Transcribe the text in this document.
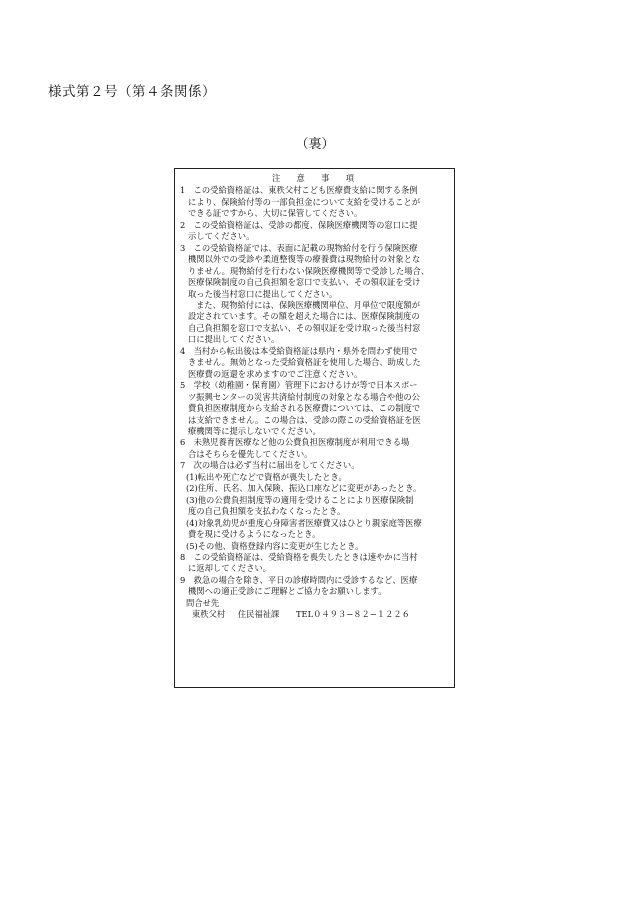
様式第２号（第４条関係）
（裏）
注　意　事　項
1　この受給資格証は、東秩父村こども医療費支給に関する条例
により、保険給付等の一部負担金について支給を受けることが
できる証ですから、大切に保管してください。
2　この受給資格証は、受診の都度、保険医療機関等の窓口に提
示してください。
3　この受給資格証では、表面に記載の現物給付を行う保険医療
機関以外での受診や柔道整復等の療養費は現物給付の対象とな
りません。現物給付を行わない保険医療機関等で受診した場合、
医療保険制度の自己負担額を窓口で支払い、その領収証を受け
取った後当村窓口に提出してください。
また、現物給付には、保険医療機関単位、月単位で限度額が
設定されています。その額を超えた場合には、医療保険制度の
自己負担額を窓口で支払い、その領収証を受け取った後当村窓
口に提出してください。
4　当村から転出後は本受給資格証は県内・県外を問わず使用で
きません。無効となった受給資格証を使用した場合、助成した
医療費の返還を求めますのでご注意ください。
5　学校（幼稚園・保育園）管理下におけるけが等で日本スポー
ツ振興センターの災害共済給付制度の対象となる場合や他の公
費負担医療制度から支給される医療費については、この制度で
は支給できません。この場合は、受診の際この受給資格証を医
療機関等に提示しないでください。
6　未熟児養育医療など他の公費負担医療制度が利用できる場
合はそちらを優先してください。
7　次の場合は必ず当村に届出をしてください。
(1)転出や死亡などで資格が喪失したとき。
(2)住所、氏名、加入保険、振込口座などに変更があったとき。
(3)他の公費負担制度等の適用を受けることにより医療保険制
度の自己負担額を支払わなくなったとき。
(4)対象乳幼児が重度心身障害者医療費又はひとり親家庭等医療
費を現に受けるようになったとき。
(5)その他、資格登録内容に変更が生じたとき。
8　この受給資格証は、受給資格を喪失したときは速やかに当村
に返却してください。
9　救急の場合を除き、平日の診療時間内に受診するなど、医療
機関への適正受診にご理解とご協力をお願いします。
問合せ先
東秩父村 住民福祉課 TEL０４９３−８２−１２２６
